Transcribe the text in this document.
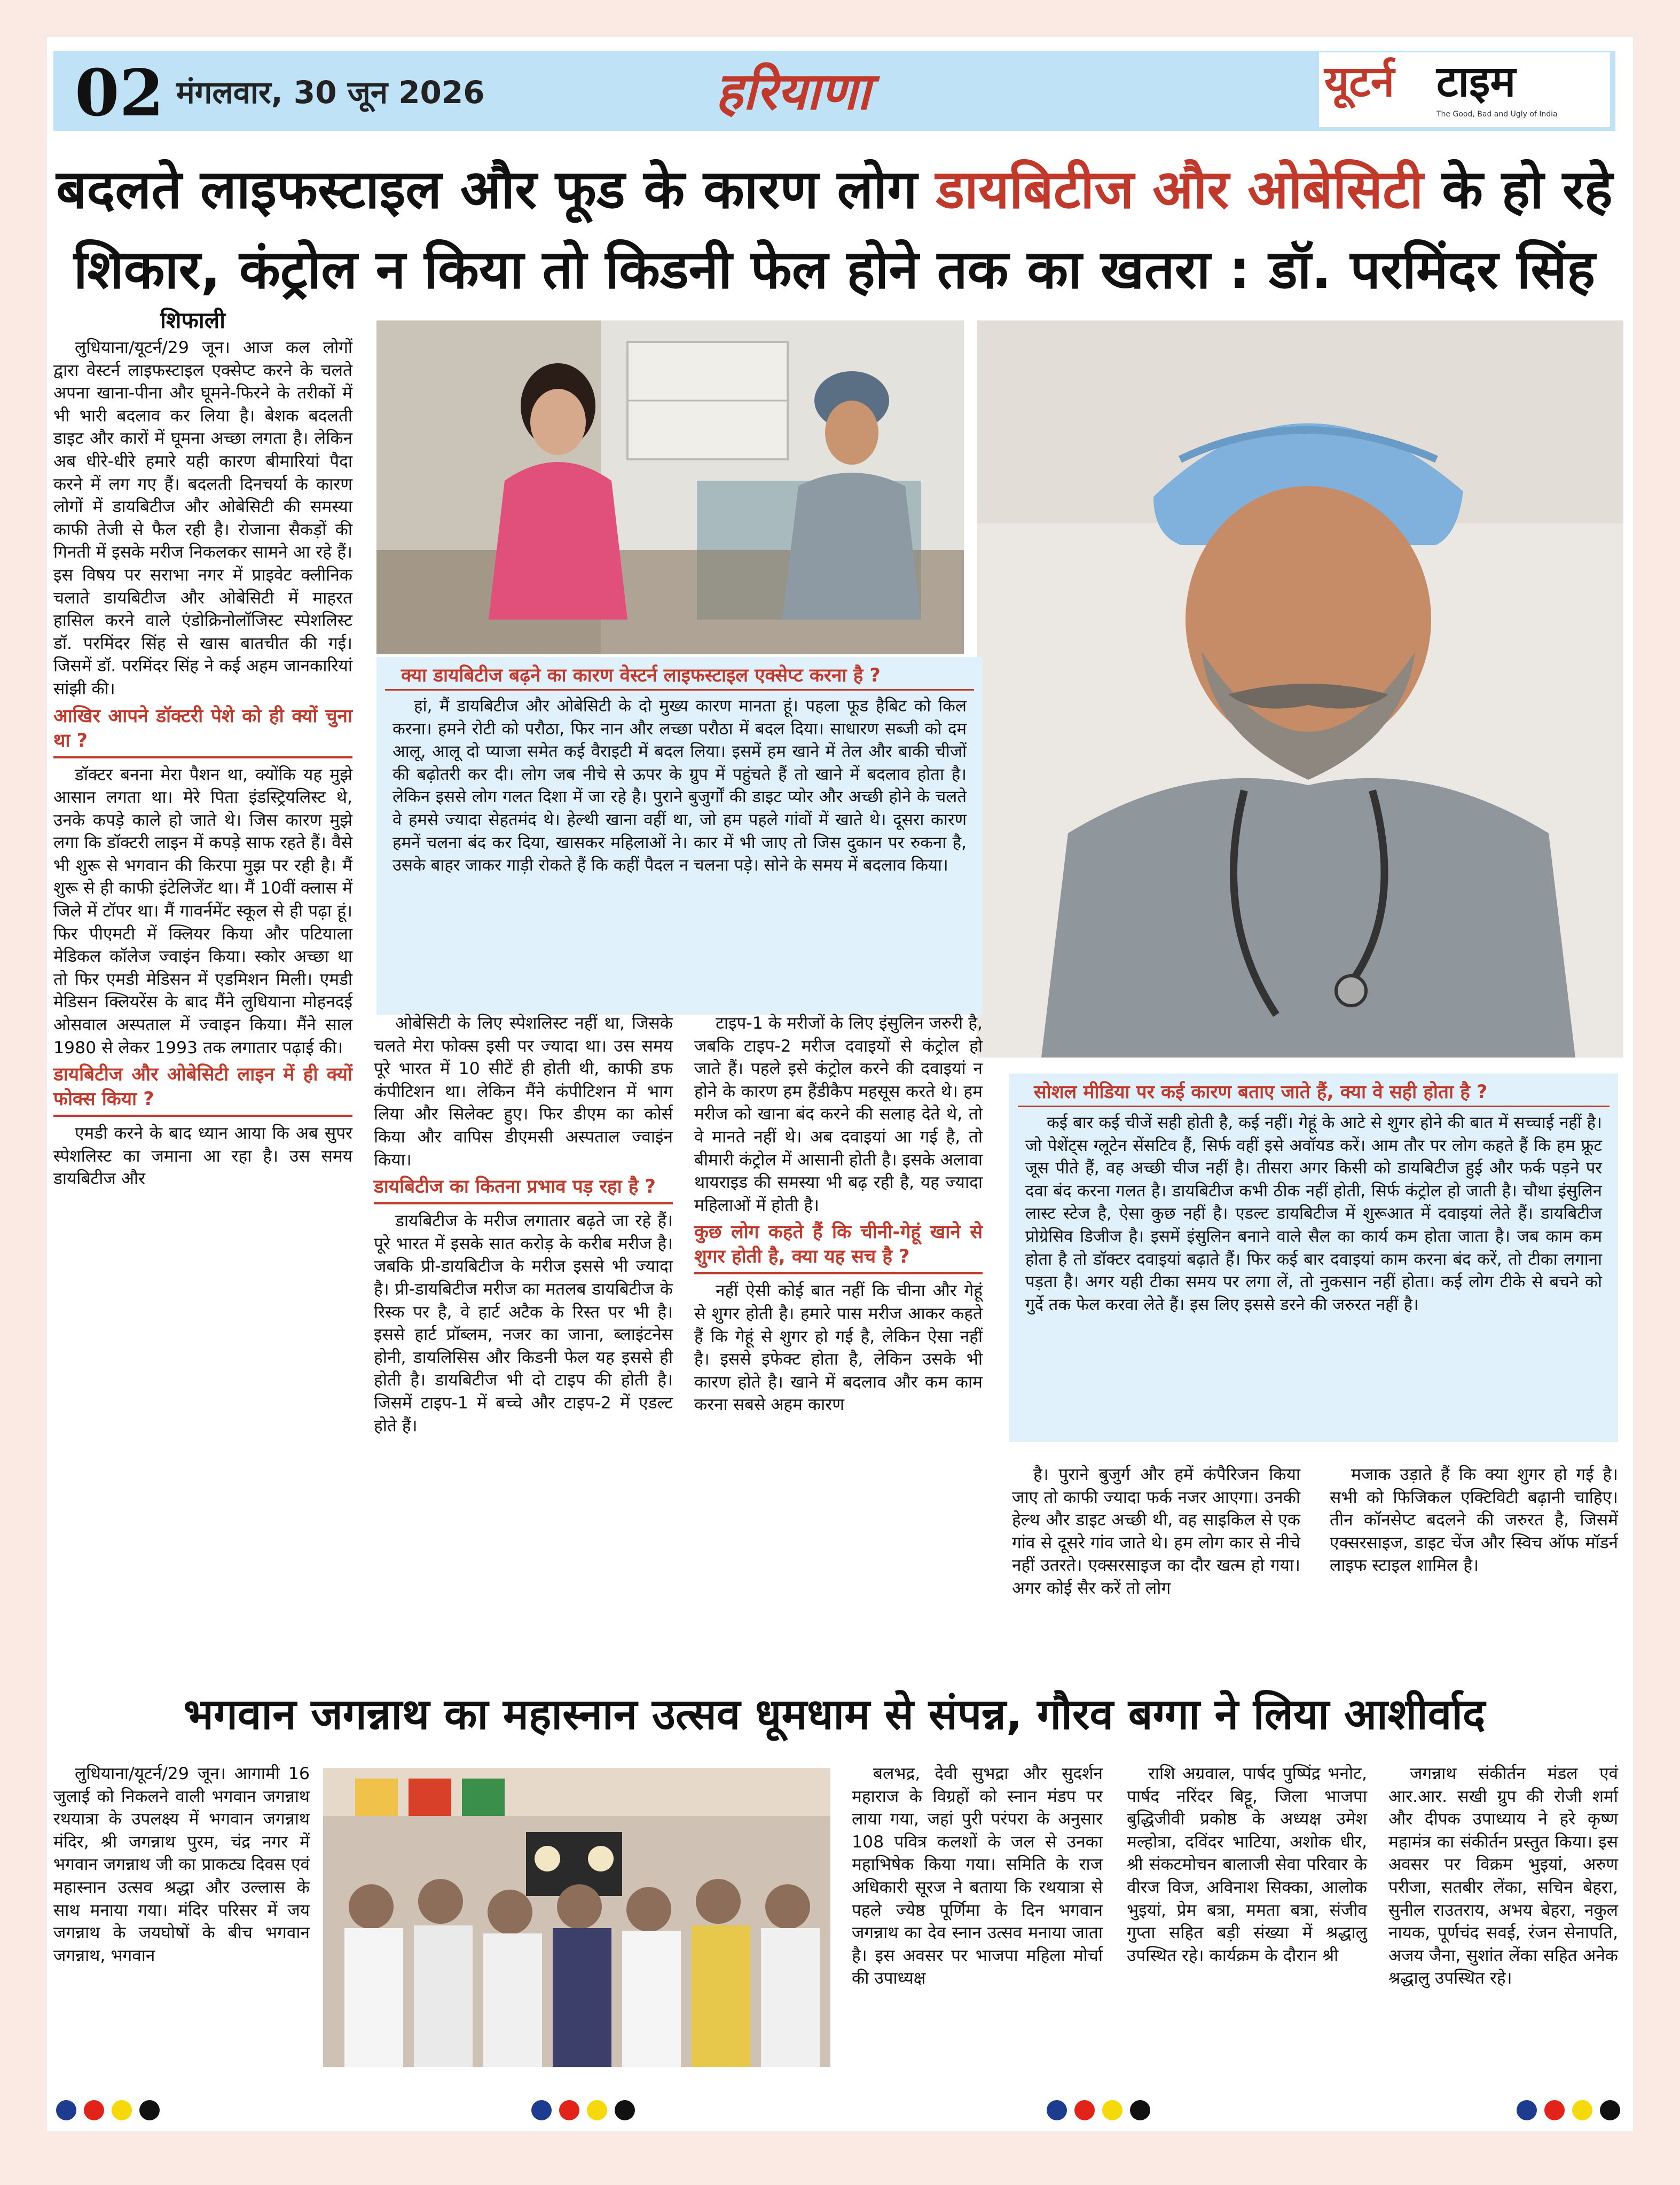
02 मंगलवार, 30 जून 2026	हरियाणा	यूटर्न टाइम
The Good, Bad and Ugly of India
बदलते लाइफस्टाइल और फूड के कारण लोग डायबिटीज और ओबेसिटी के हो रहे
शिकार, कंट्रोल न किया तो किडनी फेल होने तक का खतरा : डॉ. परमिंदर सिंह
शिफाली

लुधियाना/यूटर्न/29 जून। आज कल लोगों द्वारा वेस्टर्न लाइफस्टाइल एक्सेप्ट करने के चलते अपना खाना-पीना और घूमने-फिरने के तरीकों में भी भारी बदलाव कर लिया है। बेशक बदलती डाइट और कारों में घूमना अच्छा लगता है। लेकिन अब धीरे-धीरे हमारे यही कारण बीमारियां पैदा करने में लग गए हैं। बदलती दिनचर्या के कारण लोगों में डायबिटीज और ओबेसिटी की समस्या काफी तेजी से फैल रही है। रोजाना सैकड़ों की गिनती में इसके मरीज निकलकर सामने आ रहे हैं। इस विषय पर सराभा नगर में प्राइवेट क्लीनिक चलाते डायबिटीज और ओबेसिटी में माहरत हासिल करने वाले एंडोक्रिनोलॉजिस्ट स्पेशलिस्ट डॉ. परमिंदर सिंह से खास बातचीत की गई। जिसमें डॉ. परमिंदर सिंह ने कई अहम जानकारियां सांझी की।

आखिर आपने डॉक्टरी पेशे को ही क्यों चुना था ?

डॉक्टर बनना मेरा पैशन था, क्योंकि यह मुझे आसान लगता था। मेरे पिता इंडस्ट्रियलिस्ट थे, उनके कपड़े काले हो जाते थे। जिस कारण मुझे लगा कि डॉक्टरी लाइन में कपड़े साफ रहते हैं। वैसे भी शुरू से भगवान की किरपा मुझ पर रही है। मैं शुरू से ही काफी इंटेलिजेंट था। मैं 10वीं क्लास में जिले में टॉपर था। मैं गावर्नमेंट स्कूल से ही पढ़ा हूं। फिर पीएमटी में क्लियर किया और पटियाला मेडिकल कॉलेज ज्वाइंन किया। स्कोर अच्छा था तो फिर एमडी मेडिसन में एडमिशन मिली। एमडी मेडिसन क्लियरेंस के बाद मैंने लुधियाना मोहनदई ओसवाल अस्पताल में ज्वाइन किया। मैंने साल 1980 से लेकर 1993 तक लगातार पढ़ाई की।

डायबिटीज और ओबेसिटी लाइन में ही क्यों फोक्स किया ?

एमडी करने के बाद ध्यान आया कि अब सुपर स्पेशलिस्ट का जमाना आ रहा है। उस समय डायबिटीज और

क्या डायबिटीज बढ़ने का कारण वेस्टर्न लाइफस्टाइल एक्सेप्ट करना है ?
हां, मैं डायबिटीज और ओबेसिटी के दो मुख्य कारण मानता हूं। पहला फूड हैबिट को किल करना। हमने रोटी को परौठा, फिर नान और लच्छा परौठा में बदल दिया। साधारण सब्जी को दम आलू, आलू दो प्याजा समेत कई वैराइटी में बदल लिया। इसमें हम खाने में तेल और बाकी चीजों की बढ़ोतरी कर दी। लोग जब नीचे से ऊपर के ग्रुप में पहुंचते हैं तो खाने में बदलाव होता है। लेकिन इससे लोग गलत दिशा में जा रहे है। पुराने बुजुर्गों की डाइट प्योर और अच्छी होने के चलते वे हमसे ज्यादा सेहतमंद थे। हेल्थी खाना वहीं था, जो हम पहले गांवों में खाते थे। दूसरा कारण हमनें चलना बंद कर दिया, खासकर महिलाओं ने। कार में भी जाए तो जिस दुकान पर रुकना है, उसके बाहर जाकर गाड़ी रोकते हैं कि कहीं पैदल न चलना पड़े। सोने के समय में बदलाव किया।

ओबेसिटी के लिए स्पेशलिस्ट नहीं था, जिसके चलते मेरा फोक्स इसी पर ज्यादा था। उस समय पूरे भारत में 10 सीटें ही होती थी, काफी डफ कंपीटिशन था। लेकिन मैंने कंपीटिशन में भाग लिया और सिलेक्ट हुए। फिर डीएम का कोर्स किया और वापिस डीएमसी अस्पताल ज्वाइंन किया।

डायबिटीज का कितना प्रभाव पड़ रहा है ?

डायबिटीज के मरीज लगातार बढ़ते जा रहे हैं। पूरे भारत में इसके सात करोड़ के करीब मरीज है। जबकि प्री-डायबिटीज के मरीज इससे भी ज्यादा है। प्री-डायबिटीज मरीज का मतलब डायबिटीज के रिस्क पर है, वे हार्ट अटैक के रिस्त पर भी है। इससे हार्ट प्रॉब्लम, नजर का जाना, ब्लाइंटनेस होनी, डायलिसिस और किडनी फेल यह इससे ही होती है। डायबिटीज भी दो टाइप की होती है। जिसमें टाइप-1 में बच्चे और टाइप-2 में एडल्ट होते हैं।

टाइप-1 के मरीजों के लिए इंसुलिन जरुरी है, जबकि टाइप-2 मरीज दवाइयों से कंट्रोल हो जाते हैं। पहले इसे कंट्रोल करने की दवाइयां न होने के कारण हम हैंडीकैप महसूस करते थे। हम मरीज को खाना बंद करने की सलाह देते थे, तो वे मानते नहीं थे। अब दवाइयां आ गई है, तो बीमारी कंट्रोल में आसानी होती है। इसके अलावा थायराइड की समस्या भी बढ़ रही है, यह ज्यादा महिलाओं में होती है।

कुछ लोग कहते हैं कि चीनी-गेहूं खाने से शुगर होती है, क्या यह सच है ?

नहीं ऐसी कोई बात नहीं कि चीना और गेहूं से शुगर होती है। हमारे पास मरीज आकर कहते हैं कि गेहूं से शुगर हो गई है, लेकिन ऐसा नहीं है। इससे इफेक्ट होता है, लेकिन उसके भी कारण होते है। खाने में बदलाव और कम काम करना सबसे अहम कारण

सोशल मीडिया पर कई कारण बताए जाते हैं, क्या वे सही होता है ?
कई बार कई चीजें सही होती है, कई नहीं। गेहूं के आटे से शुगर होने की बात में सच्चाई नहीं है। जो पेशेंट्स ग्लूटेन सेंसटिव हैं, सिर्फ वहीं इसे अवॉयड करें। आम तौर पर लोग कहते हैं कि हम फ्रूट जूस पीते हैं, वह अच्छी चीज नहीं है। तीसरा अगर किसी को डायबिटीज हुई और फर्क पड़ने पर दवा बंद करना गलत है। डायबिटीज कभी ठीक नहीं होती, सिर्फ कंट्रोल हो जाती है। चौथा इंसुलिन लास्ट स्टेज है, ऐसा कुछ नहीं है। एडल्ट डायबिटीज में शुरूआत में दवाइयां लेते हैं। डायबिटीज प्रोग्रेसिव डिजीज है। इसमें इंसुलिन बनाने वाले सैल का कार्य कम होता जाता है। जब काम कम होता है तो डॉक्टर दवाइयां बढ़ाते हैं। फिर कई बार दवाइयां काम करना बंद करें, तो टीका लगाना पड़ता है। अगर यही टीका समय पर लगा लें, तो नुकसान नहीं होता। कई लोग टीके से बचने को गुर्दे तक फेल करवा लेते हैं। इस लिए इससे डरने की जरुरत नहीं है।

है। पुराने बुजुर्ग और हमें कंपैरिजन किया जाए तो काफी ज्यादा फर्क नजर आएगा। उनकी हेल्थ और डाइट अच्छी थी, वह साइकिल से एक गांव से दूसरे गांव जाते थे। हम लोग कार से नीचे नहीं उतरते। एक्सरसाइज का दौर खत्म हो गया। अगर कोई सैर करें तो लोग

मजाक उड़ाते हैं कि क्या शुगर हो गई है। सभी को फिजिकल एक्टिविटी बढ़ानी चाहिए। तीन कॉनसेप्ट बदलने की जरुरत है, जिसमें एक्सरसाइज, डाइट चेंज और स्विच ऑफ मॉडर्न लाइफ स्टाइल शामिल है।

भगवान जगन्नाथ का महास्नान उत्सव धूमधाम से संपन्न, गौरव बग्गा ने लिया आशीर्वाद

लुधियाना/यूटर्न/29 जून। आगामी 16 जुलाई को निकलने वाली भगवान जगन्नाथ रथयात्रा के उपलक्ष्य में भगवान जगन्नाथ मंदिर, श्री जगन्नाथ पुरम, चंद्र नगर में भगवान जगन्नाथ जी का प्राकट्य दिवस एवं महास्नान उत्सव श्रद्धा और उल्लास के साथ मनाया गया। मंदिर परिसर में जय जगन्नाथ के जयघोषों के बीच भगवान जगन्नाथ, भगवान

बलभद्र, देवी सुभद्रा और सुदर्शन महाराज के विग्रहों को स्नान मंडप पर लाया गया, जहां पुरी परंपरा के अनुसार 108 पवित्र कलशों के जल से उनका महाभिषेक किया गया। समिति के राज अधिकारी सूरज ने बताया कि रथयात्रा से पहले ज्येष्ठ पूर्णिमा के दिन भगवान जगन्नाथ का देव स्नान उत्सव मनाया जाता है। इस अवसर पर भाजपा महिला मोर्चा की उपाध्यक्ष

राशि अग्रवाल, पार्षद पुष्पिंद्र भनोट, पार्षद नरिंदर बिट्टू, जिला भाजपा बुद्धिजीवी प्रकोष्ठ के अध्यक्ष उमेश मल्होत्रा, दविंदर भाटिया, अशोक धीर, श्री संकटमोचन बालाजी सेवा परिवार के वीरज विज, अविनाश सिक्का, आलोक भुइयां, प्रेम बत्रा, ममता बत्रा, संजीव गुप्ता सहित बड़ी संख्या में श्रद्धालु उपस्थित रहे। कार्यक्रम के दौरान श्री

जगन्नाथ संकीर्तन मंडल एवं आर.आर. सखी ग्रुप की रोजी शर्मा और दीपक उपाध्याय ने हरे कृष्ण महामंत्र का संकीर्तन प्रस्तुत किया। इस अवसर पर विक्रम भुइयां, अरुण परीजा, सतबीर लेंका, सचिन बेहरा, सुनील राउतराय, अभय बेहरा, नकुल नायक, पूर्णचंद सवई, रंजन सेनापति, अजय जैना, सुशांत लेंका सहित अनेक श्रद्धालु उपस्थित रहे।
